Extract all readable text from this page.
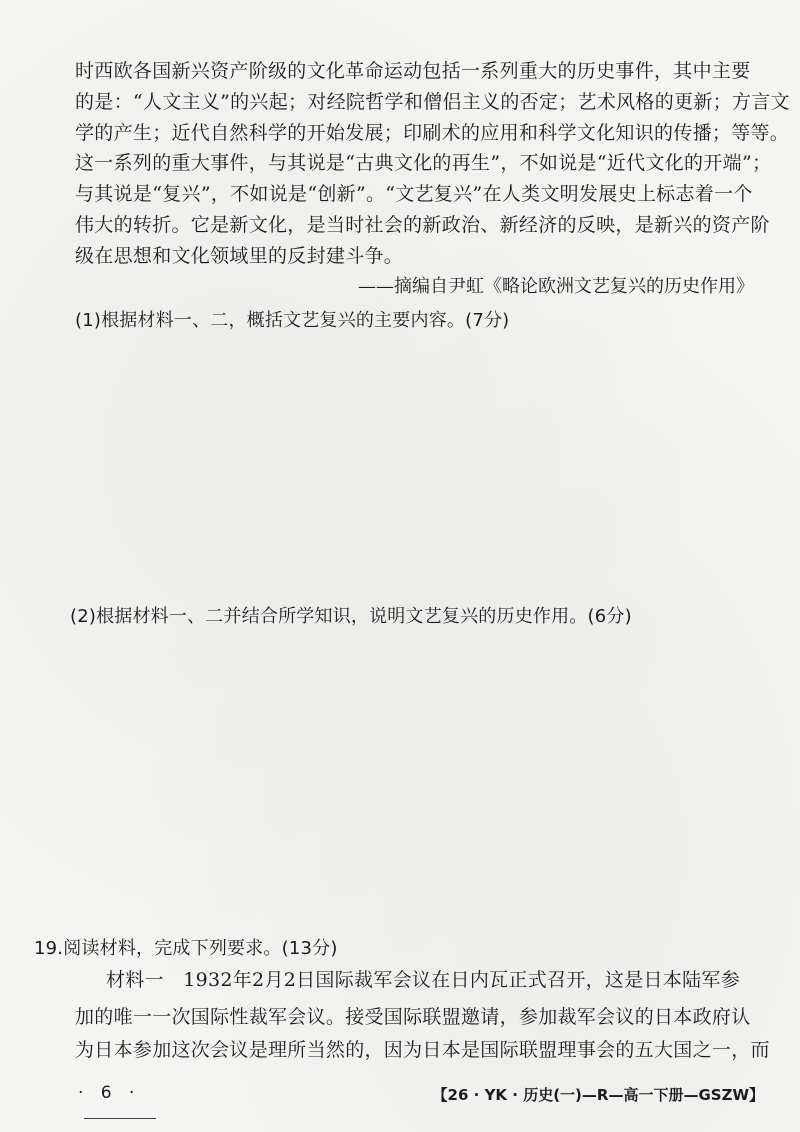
时西欧各国新兴资产阶级的文化革命运动包括一系列重大的历史事件，其中主要
的是：“人文主义”的兴起；对经院哲学和僧侣主义的否定；艺术风格的更新；方言文
学的产生；近代自然科学的开始发展；印刷术的应用和科学文化知识的传播；等等。
这一系列的重大事件，与其说是“古典文化的再生”，不如说是“近代文化的开端”；
与其说是“复兴”，不如说是“创新”。“文艺复兴”在人类文明发展史上标志着一个
伟大的转折。它是新文化，是当时社会的新政治、新经济的反映，是新兴的资产阶
级在思想和文化领域里的反封建斗争。
——摘编自尹虹《略论欧洲文艺复兴的历史作用》
(1)根据材料一、二，概括文艺复兴的主要内容。(7分)
(2)根据材料一、二并结合所学知识，说明文艺复兴的历史作用。(6分)
19.阅读材料，完成下列要求。(13分)
材料一　1932年2月2日国际裁军会议在日内瓦正式召开，这是日本陆军参
加的唯一一次国际性裁军会议。接受国际联盟邀请，参加裁军会议的日本政府认
为日本参加这次会议是理所当然的，因为日本是国际联盟理事会的五大国之一，而
· 6 ·	【26 · YK · 历史(一)—R—高一下册—GSZW】
